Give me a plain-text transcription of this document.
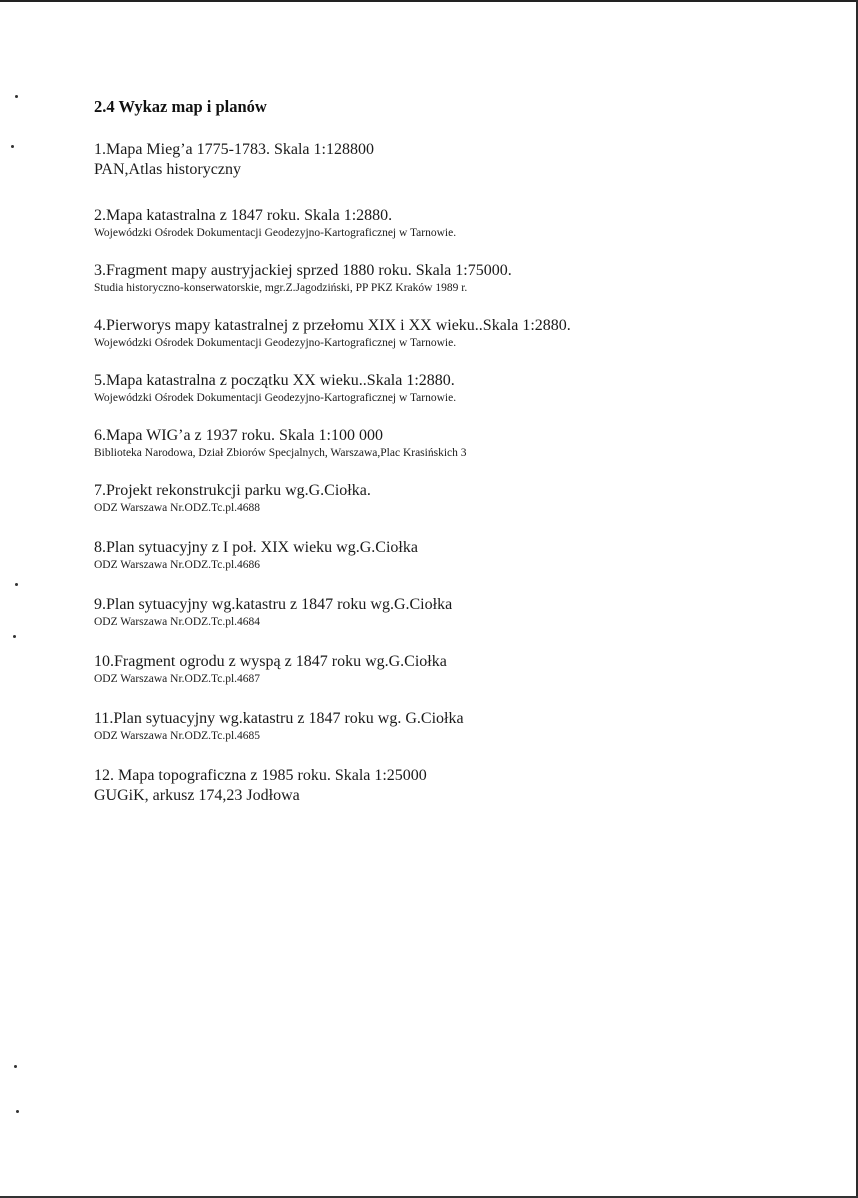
2.4 Wykaz map i planów
1.Mapa Mieg’a 1775-1783. Skala 1:128800
PAN,Atlas historyczny
2.Mapa katastralna z 1847 roku. Skala 1:2880.
Wojewódzki Ośrodek Dokumentacji Geodezyjno-Kartograficznej w Tarnowie.
3.Fragment mapy austryjackiej sprzed 1880 roku. Skala 1:75000.
Studia historyczno-konserwatorskie, mgr.Z.Jagodziński, PP PKZ Kraków 1989 r.
4.Pierworys mapy katastralnej z przełomu XIX i XX wieku..Skala 1:2880.
Wojewódzki Ośrodek Dokumentacji Geodezyjno-Kartograficznej w Tarnowie.
5.Mapa katastralna z początku XX wieku..Skala 1:2880.
Wojewódzki Ośrodek Dokumentacji Geodezyjno-Kartograficznej w Tarnowie.
6.Mapa WIG’a z 1937 roku. Skala 1:100 000
Biblioteka Narodowa, Dział Zbiorów Specjalnych, Warszawa,Plac Krasińskich 3
7.Projekt rekonstrukcji parku wg.G.Ciołka.
ODZ Warszawa Nr.ODZ.Tc.pl.4688
8.Plan sytuacyjny z I poł. XIX wieku wg.G.Ciołka
ODZ Warszawa Nr.ODZ.Tc.pl.4686
9.Plan sytuacyjny wg.katastru z 1847 roku wg.G.Ciołka
ODZ Warszawa Nr.ODZ.Tc.pl.4684
10.Fragment ogrodu z wyspą z 1847 roku wg.G.Ciołka
ODZ Warszawa Nr.ODZ.Tc.pl.4687
11.Plan sytuacyjny wg.katastru z 1847 roku wg. G.Ciołka
ODZ Warszawa Nr.ODZ.Tc.pl.4685
12. Mapa topograficzna z 1985 roku. Skala 1:25000
GUGiK, arkusz 174,23 Jodłowa
